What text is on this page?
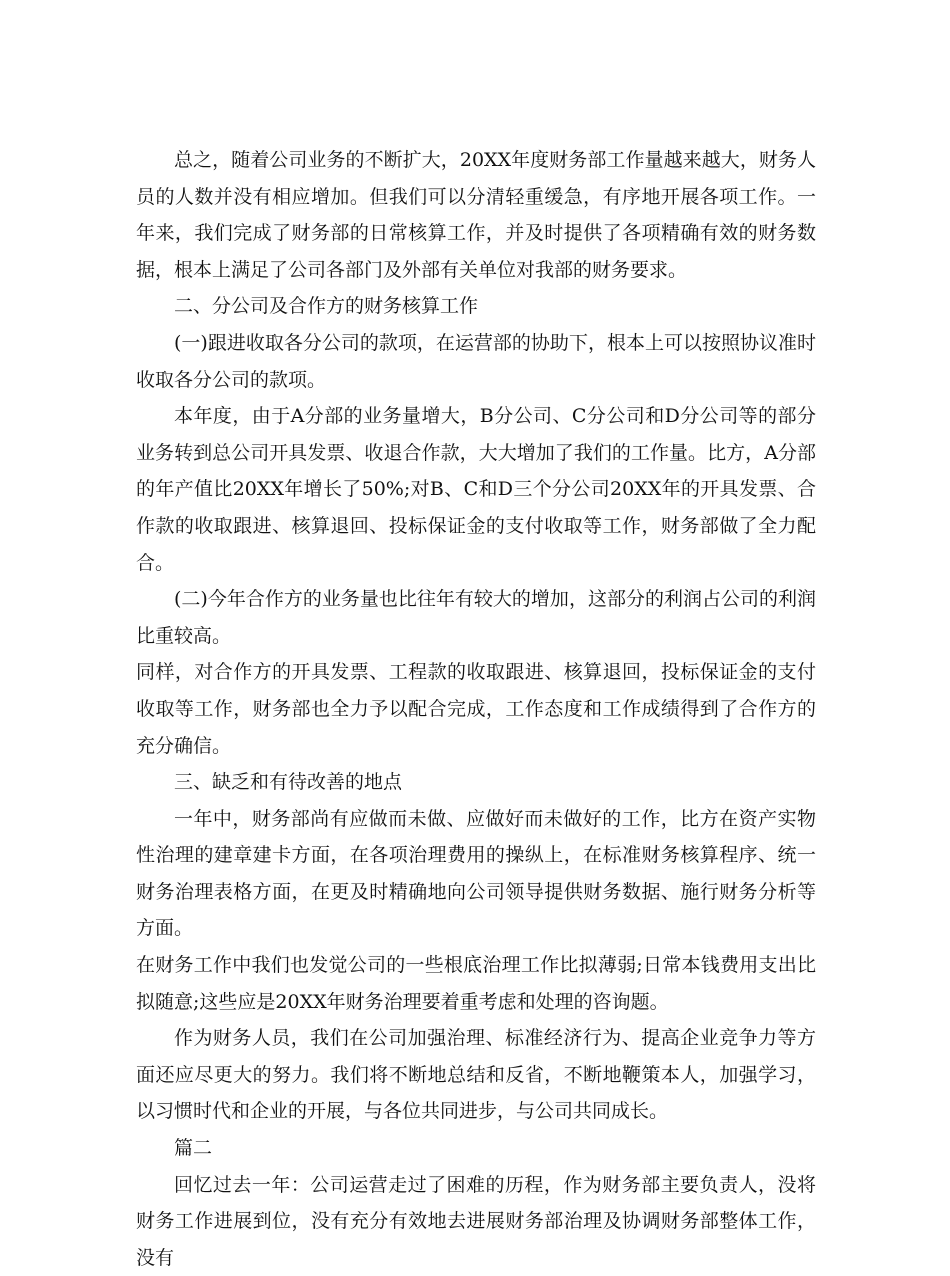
总之，随着公司业务的不断扩大，20XX年度财务部工作量越来越大，财务人员的人数并没有相应增加。但我们可以分清轻重缓急，有序地开展各项工作。一年来，我们完成了财务部的日常核算工作，并及时提供了各项精确有效的财务数据，根本上满足了公司各部门及外部有关单位对我部的财务要求。

二、分公司及合作方的财务核算工作

(一)跟进收取各分公司的款项，在运营部的协助下，根本上可以按照协议准时收取各分公司的款项。

本年度，由于A分部的业务量增大，B分公司、C分公司和D分公司等的部分业务转到总公司开具发票、收退合作款，大大增加了我们的工作量。比方，A分部的年产值比20XX年增长了50%;对B、C和D三个分公司20XX年的开具发票、合作款的收取跟进、核算退回、投标保证金的支付收取等工作，财务部做了全力配合。

(二)今年合作方的业务量也比往年有较大的增加，这部分的利润占公司的利润比重较高。

同样，对合作方的开具发票、工程款的收取跟进、核算退回，投标保证金的支付收取等工作，财务部也全力予以配合完成，工作态度和工作成绩得到了合作方的充分确信。

三、缺乏和有待改善的地点

一年中，财务部尚有应做而未做、应做好而未做好的工作，比方在资产实物性治理的建章建卡方面，在各项治理费用的操纵上，在标准财务核算程序、统一财务治理表格方面，在更及时精确地向公司领导提供财务数据、施行财务分析等方面。

在财务工作中我们也发觉公司的一些根底治理工作比拟薄弱;日常本钱费用支出比拟随意;这些应是20XX年财务治理要着重考虑和处理的咨询题。

作为财务人员，我们在公司加强治理、标准经济行为、提高企业竞争力等方面还应尽更大的努力。我们将不断地总结和反省，不断地鞭策本人，加强学习，以习惯时代和企业的开展，与各位共同进步，与公司共同成长。

篇二

回忆过去一年：公司运营走过了困难的历程，作为财务部主要负责人，没将财务工作进展到位，没有充分有效地去进展财务部治理及协调财务部整体工作，没有
